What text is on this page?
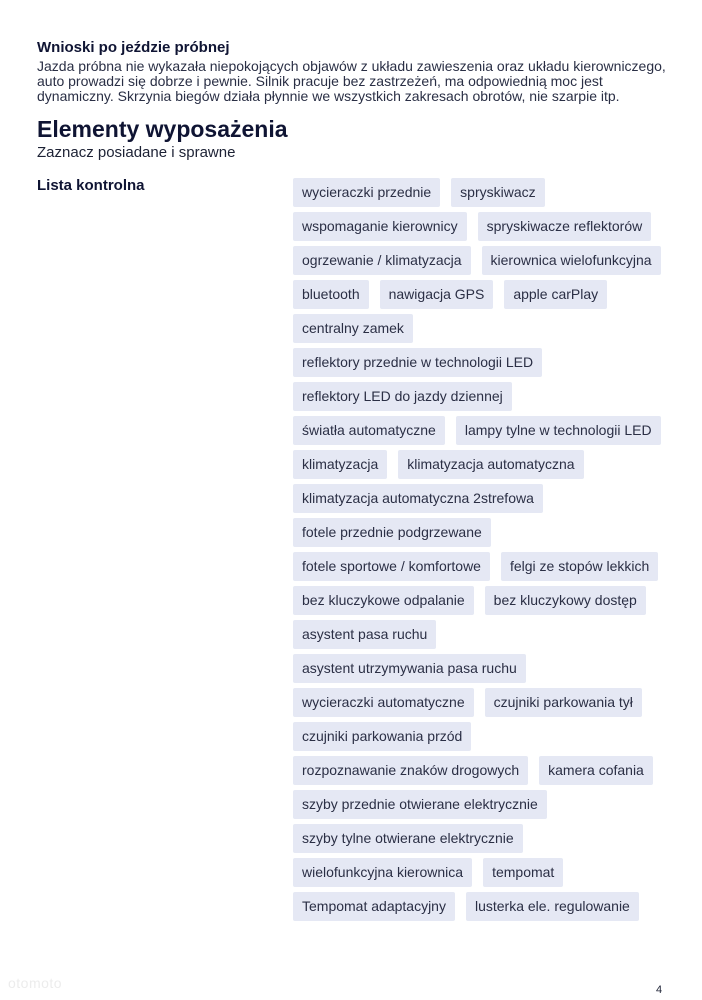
Wnioski po jeździe próbnej

Jazda próbna nie wykazała niepokojących objawów z układu zawieszenia oraz układu kierowniczego, auto prowadzi się dobrze i pewnie. Silnik pracuje bez zastrzeżeń, ma odpowiednią moc jest dynamiczny. Skrzynia biegów działa płynnie we wszystkich zakresach obrotów, nie szarpie itp.

Elementy wyposażenia
Zaznacz posiadane i sprawne
Lista kontrolna	wycieraczki przednie	spryskiwacz
wspomaganie kierownicy	spryskiwacze reflektorów
ogrzewanie / klimatyzacja	kierownica wielofunkcyjna
bluetooth	nawigacja GPS	apple carPlay
centralny zamek
reflektory przednie w technologii LED
reflektory LED do jazdy dziennej
światła automatyczne	lampy tylne w technologii LED
klimatyzacja	klimatyzacja automatyczna
klimatyzacja automatyczna 2strefowa
fotele przednie podgrzewane
fotele sportowe / komfortowe	felgi ze stopów lekkich
bez kluczykowe odpalanie	bez kluczykowy dostęp
asystent pasa ruchu
asystent utrzymywania pasa ruchu
wycieraczki automatyczne	czujniki parkowania tył
czujniki parkowania przód
rozpoznawanie znaków drogowych	kamera cofania
szyby przednie otwierane elektrycznie
szyby tylne otwierane elektrycznie
wielofunkcyjna kierownica	tempomat
Tempomat adaptacyjny	lusterka ele. regulowanie
otomoto	4
